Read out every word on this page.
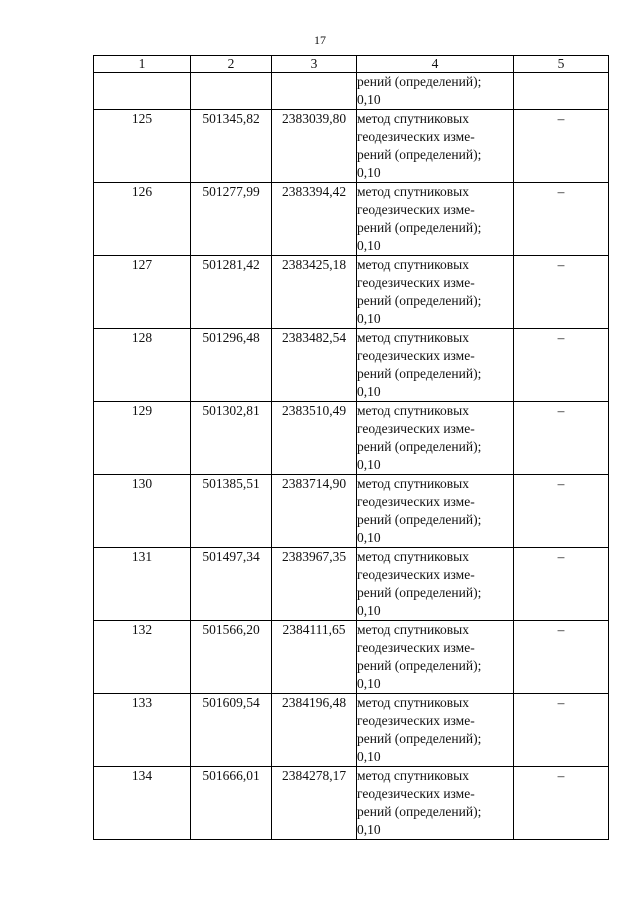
17
1	2	3	4	5

			рений (определений);
0,10	

125	501345,82	2383039,80	метод спутниковых
геодезических изме-
рений (определений);
0,10	–
126	501277,99	2383394,42	метод спутниковых
геодезических изме-
рений (определений);
0,10	–
127	501281,42	2383425,18	метод спутниковых
геодезических изме-
рений (определений);
0,10	–
128	501296,48	2383482,54	метод спутниковых
геодезических изме-
рений (определений);
0,10	–
129	501302,81	2383510,49	метод спутниковых
геодезических изме-
рений (определений);
0,10	–
130	501385,51	2383714,90	метод спутниковых
геодезических изме-
рений (определений);
0,10	–
131	501497,34	2383967,35	метод спутниковых
геодезических изме-
рений (определений);
0,10	–
132	501566,20	2384111,65	метод спутниковых
геодезических изме-
рений (определений);
0,10	–
133	501609,54	2384196,48	метод спутниковых
геодезических изме-
рений (определений);
0,10	–
134	501666,01	2384278,17	метод спутниковых
геодезических изме-
рений (определений);
0,10	–
